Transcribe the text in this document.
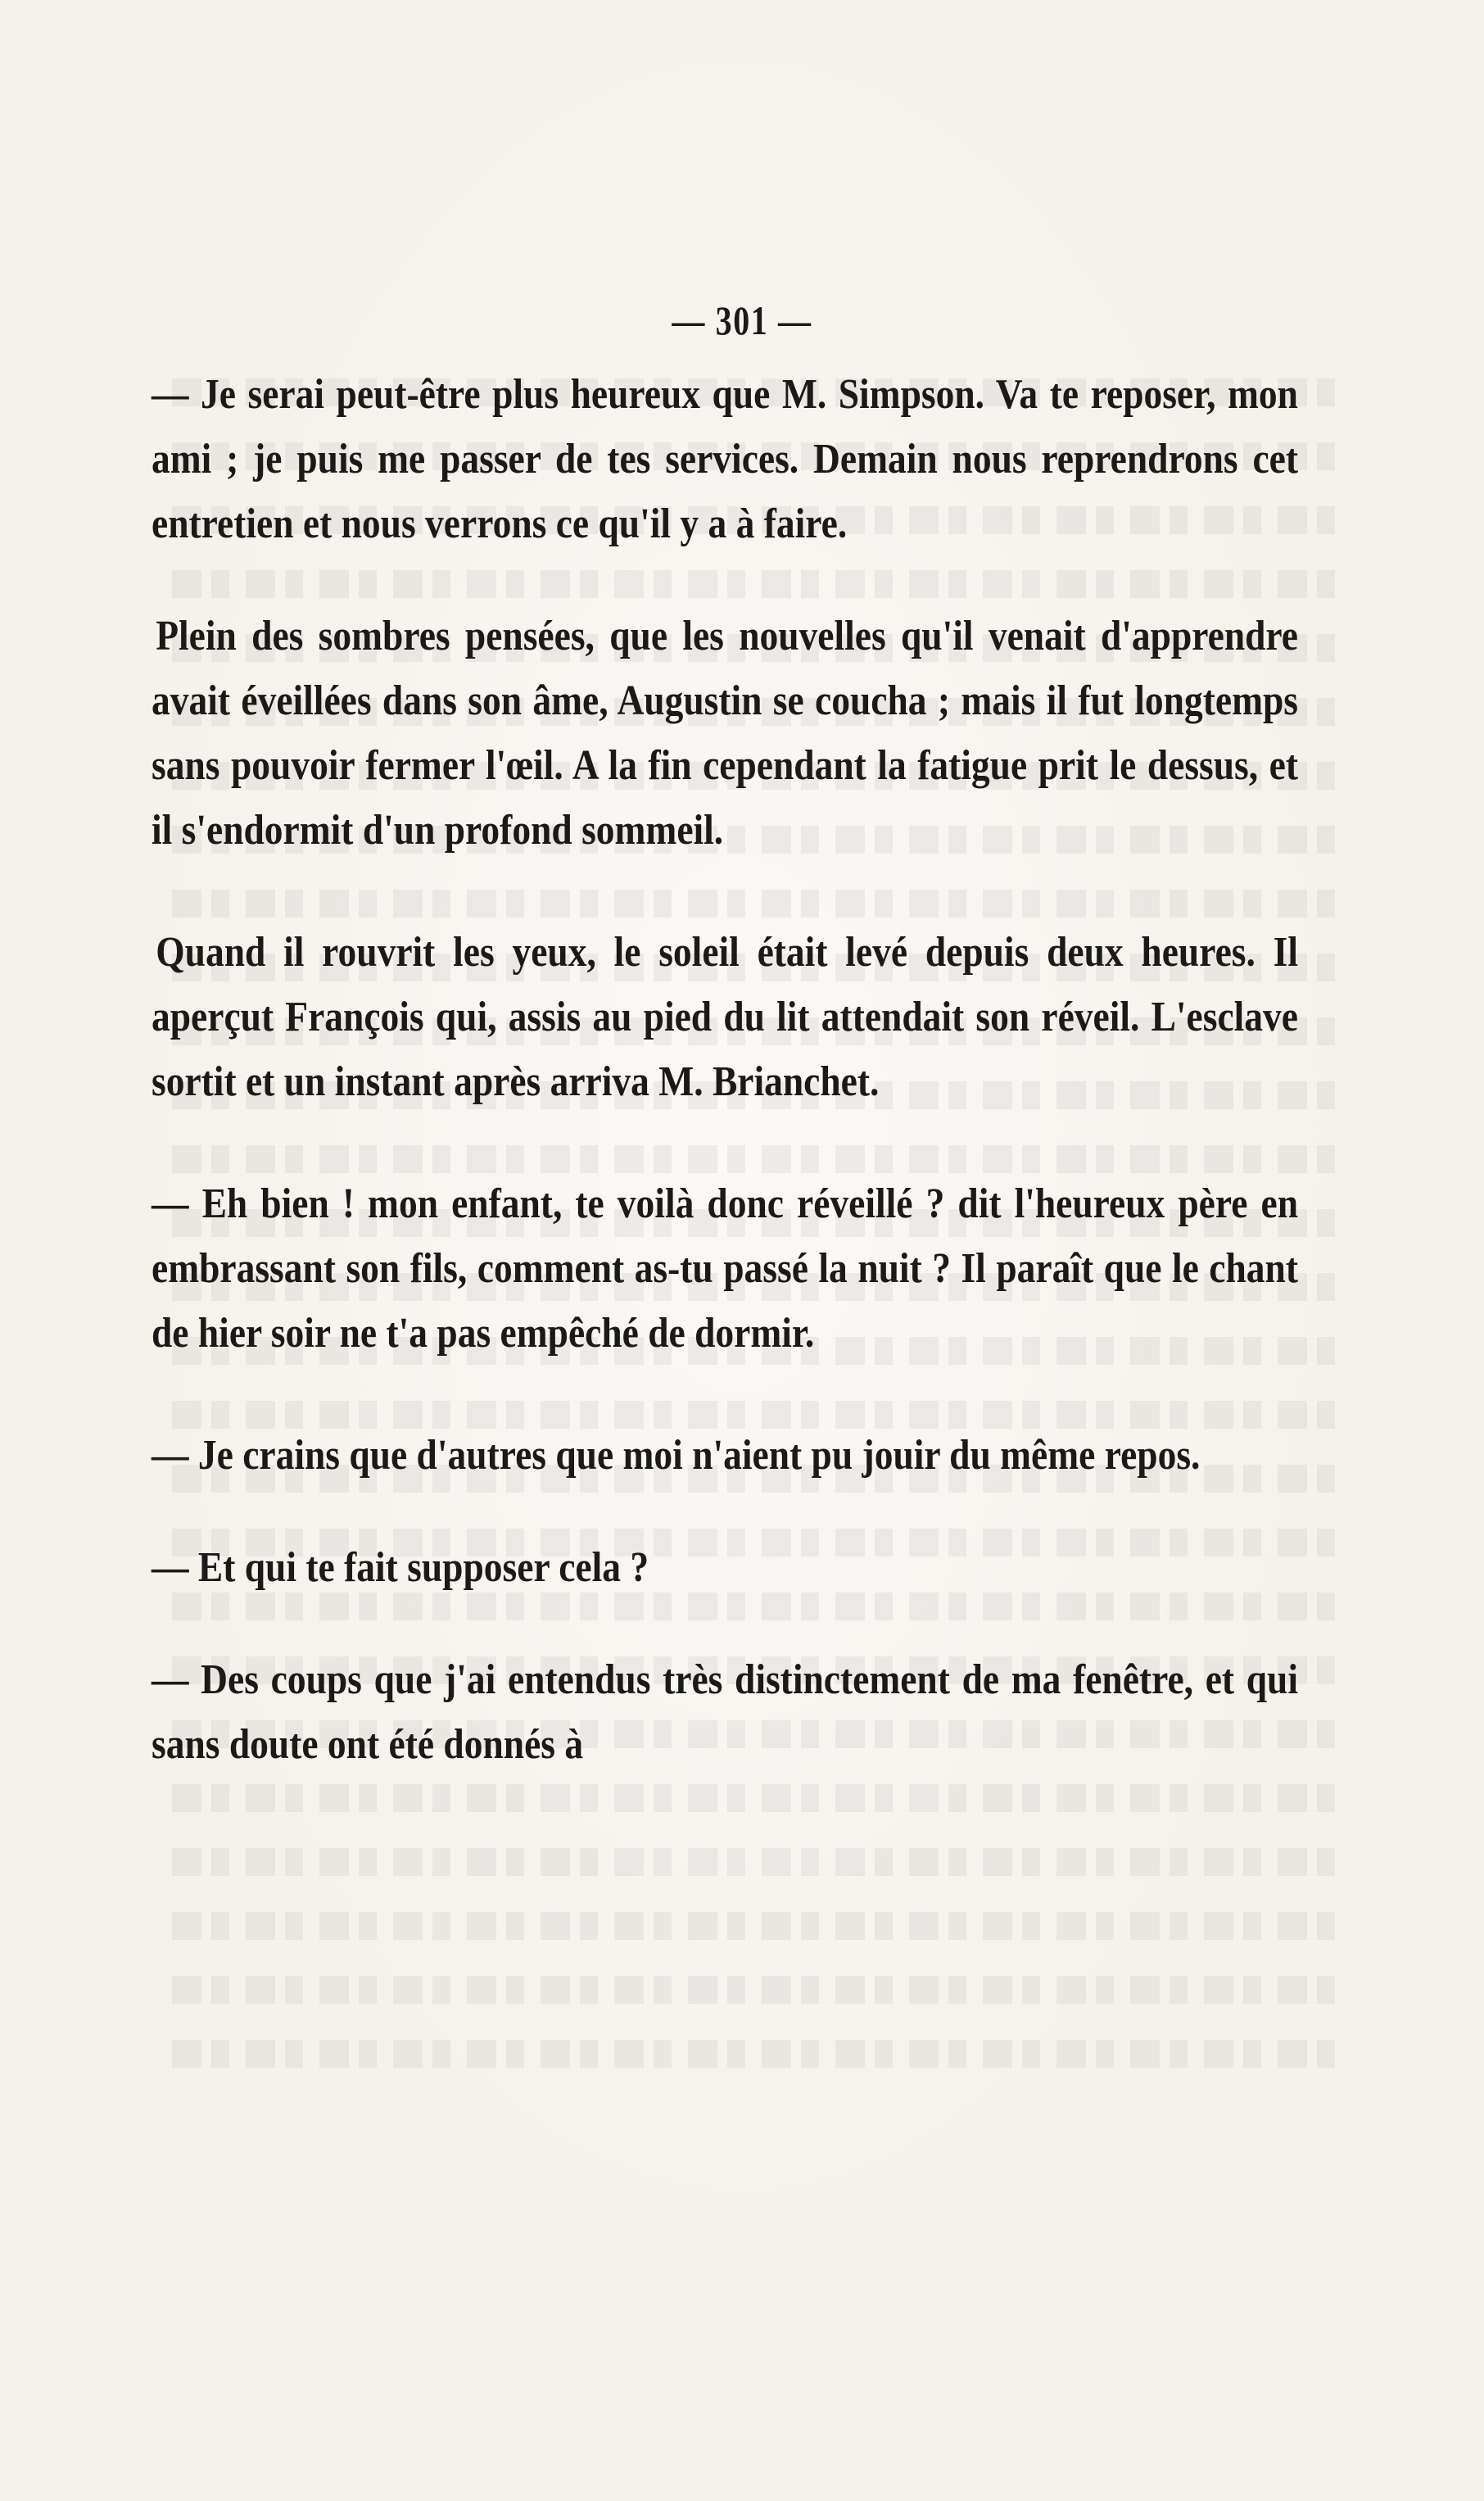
— 301 —

— Je serai peut-être plus heureux que M. Simpson. Va te reposer, mon ami ; je puis me passer de tes services. Demain nous reprendrons cet entretien et nous verrons ce qu'il y a à faire.

Plein des sombres pensées, que les nouvelles qu'il venait d'apprendre avait éveillées dans son âme, Augustin se coucha ; mais il fut longtemps sans pouvoir fermer l'œil. A la fin cependant la fatigue prit le dessus, et il s'endormit d'un profond sommeil.

Quand il rouvrit les yeux, le soleil était levé depuis deux heures. Il aperçut François qui, assis au pied du lit attendait son réveil. L'esclave sortit et un instant après arriva M. Brianchet.

— Eh bien ! mon enfant, te voilà donc réveillé ? dit l'heureux père en embrassant son fils, comment as-tu passé la nuit ? Il paraît que le chant de hier soir ne t'a pas empêché de dormir.

— Je crains que d'autres que moi n'aient pu jouir du même repos.

— Et qui te fait supposer cela ?

— Des coups que j'ai entendus très distinctement de ma fenêtre, et qui sans doute ont été donnés à
